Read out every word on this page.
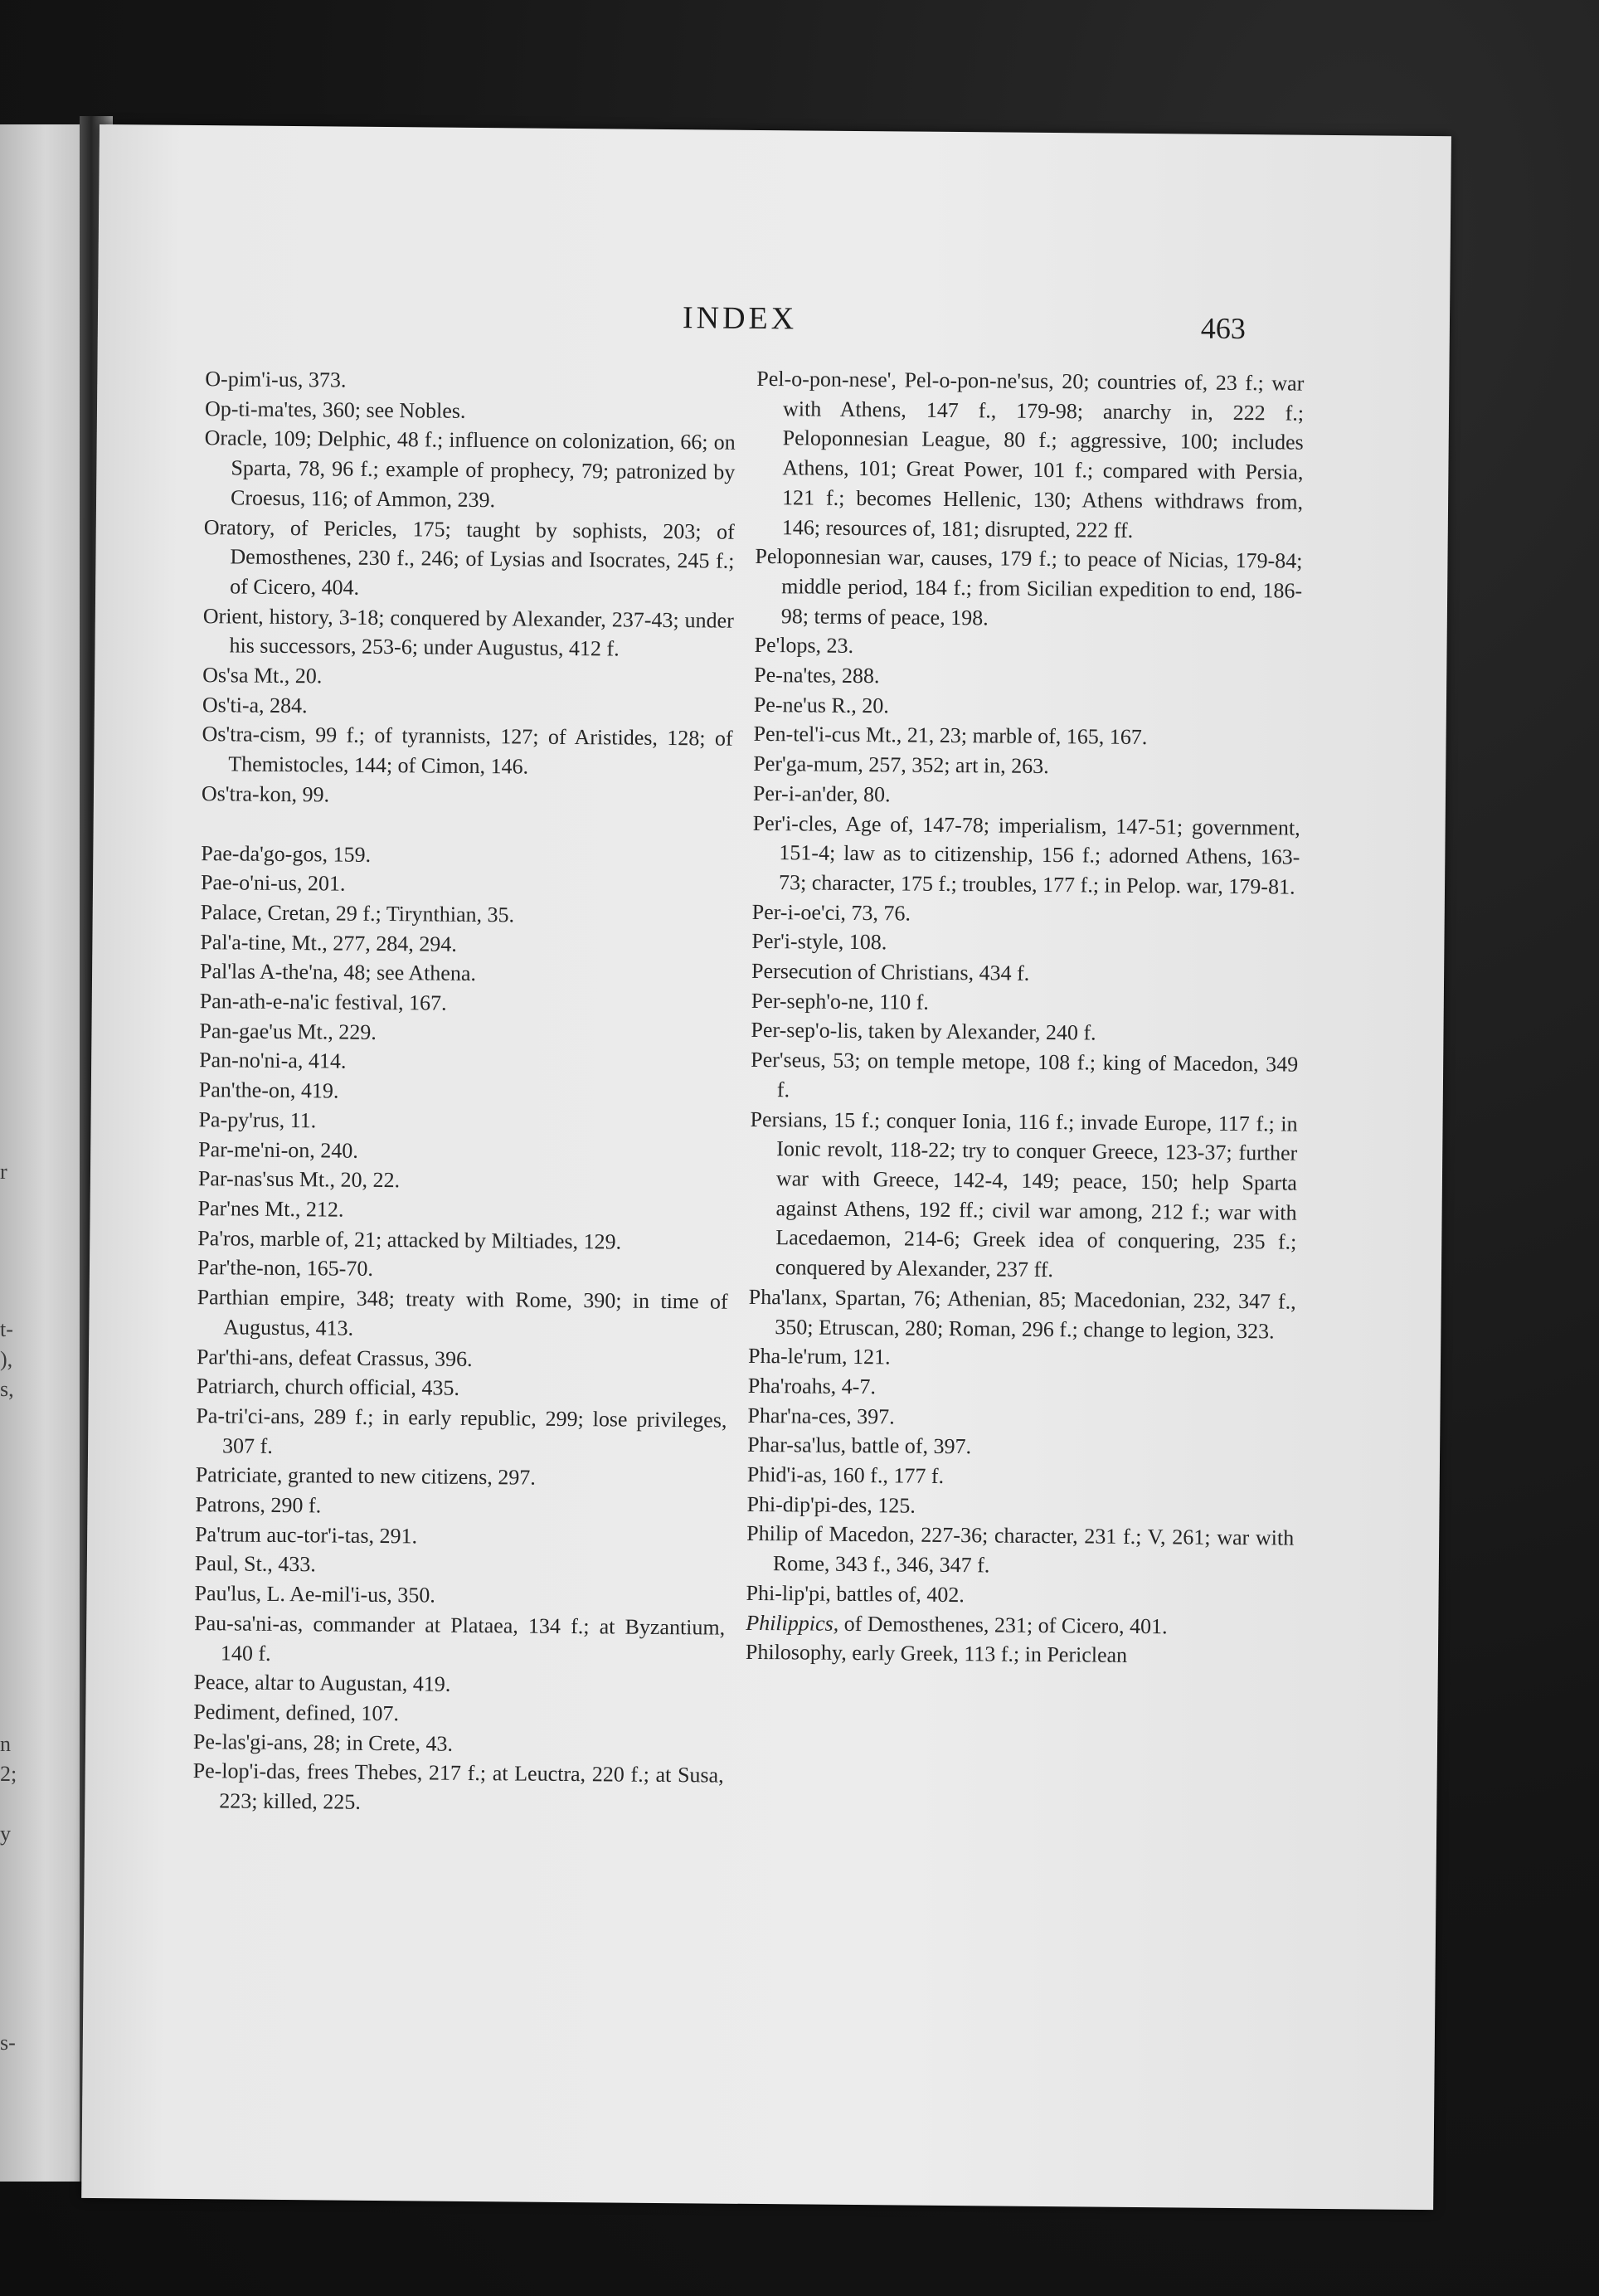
r
t-
),
s,
n
2;
y
s-
INDEX	463

O-pim'i-us, 373.

Op-ti-ma'tes, 360; see Nobles.

Oracle, 109; Delphic, 48 f.; influence on colonization, 66; on Sparta, 78, 96 f.; example of prophecy, 79; patronized by Croesus, 116; of Ammon, 239.

Oratory, of Pericles, 175; taught by sophists, 203; of Demosthenes, 230 f., 246; of Lysias and Isocrates, 245 f.; of Cicero, 404.

Orient, history, 3-18; conquered by Alexander, 237-43; under his successors, 253-6; under Augustus, 412 f.

Os'sa Mt., 20.

Os'ti-a, 284.

Os'tra-cism, 99 f.; of tyrannists, 127; of Aristides, 128; of Themistocles, 144; of Cimon, 146.

Os'tra-kon, 99.

Pae-da'go-gos, 159.

Pae-o'ni-us, 201.

Palace, Cretan, 29 f.; Tirynthian, 35.

Pal'a-tine, Mt., 277, 284, 294.

Pal'las A-the'na, 48; see Athena.

Pan-ath-e-na'ic festival, 167.

Pan-gae'us Mt., 229.

Pan-no'ni-a, 414.

Pan'the-on, 419.

Pa-py'rus, 11.

Par-me'ni-on, 240.

Par-nas'sus Mt., 20, 22.

Par'nes Mt., 212.

Pa'ros, marble of, 21; attacked by Miltiades, 129.

Par'the-non, 165-70.

Parthian empire, 348; treaty with Rome, 390; in time of Augustus, 413.

Par'thi-ans, defeat Crassus, 396.

Patriarch, church official, 435.

Pa-tri'ci-ans, 289 f.; in early republic, 299; lose privileges, 307 f.

Patriciate, granted to new citizens, 297.

Patrons, 290 f.

Pa'trum auc-tor'i-tas, 291.

Paul, St., 433.

Pau'lus, L. Ae-mil'i-us, 350.

Pau-sa'ni-as, commander at Plataea, 134 f.; at Byzantium, 140 f.

Peace, altar to Augustan, 419.

Pediment, defined, 107.

Pe-las'gi-ans, 28; in Crete, 43.

Pe-lop'i-das, frees Thebes, 217 f.; at Leuctra, 220 f.; at Susa, 223; killed, 225.

Pel-o-pon-nese', Pel-o-pon-ne'sus, 20; countries of, 23 f.; war with Athens, 147 f., 179-98; anarchy in, 222 f.; Peloponnesian League, 80 f.; aggressive, 100; includes Athens, 101; Great Power, 101 f.; compared with Persia, 121 f.; becomes Hellenic, 130; Athens withdraws from, 146; resources of, 181; disrupted, 222 ff.

Peloponnesian war, causes, 179 f.; to peace of Nicias, 179-84; middle period, 184 f.; from Sicilian expedition to end, 186-98; terms of peace, 198.

Pe'lops, 23.

Pe-na'tes, 288.

Pe-ne'us R., 20.

Pen-tel'i-cus Mt., 21, 23; marble of, 165, 167.

Per'ga-mum, 257, 352; art in, 263.

Per-i-an'der, 80.

Per'i-cles, Age of, 147-78; imperialism, 147-51; government, 151-4; law as to citizenship, 156 f.; adorned Athens, 163-73; character, 175 f.; troubles, 177 f.; in Pelop. war, 179-81.

Per-i-oe'ci, 73, 76.

Per'i-style, 108.

Persecution of Christians, 434 f.

Per-seph'o-ne, 110 f.

Per-sep'o-lis, taken by Alexander, 240 f.

Per'seus, 53; on temple metope, 108 f.; king of Macedon, 349 f.

Persians, 15 f.; conquer Ionia, 116 f.; invade Europe, 117 f.; in Ionic revolt, 118-22; try to conquer Greece, 123-37; further war with Greece, 142-4, 149; peace, 150; help Sparta against Athens, 192 ff.; civil war among, 212 f.; war with Lacedaemon, 214-6; Greek idea of conquering, 235 f.; conquered by Alexander, 237 ff.

Pha'lanx, Spartan, 76; Athenian, 85; Macedonian, 232, 347 f., 350; Etruscan, 280; Roman, 296 f.; change to legion, 323.

Pha-le'rum, 121.

Pha'roahs, 4-7.

Phar'na-ces, 397.

Phar-sa'lus, battle of, 397.

Phid'i-as, 160 f., 177 f.

Phi-dip'pi-des, 125.

Philip of Macedon, 227-36; character, 231 f.; V, 261; war with Rome, 343 f., 346, 347 f.

Phi-lip'pi, battles of, 402.

Philippics, of Demosthenes, 231; of Cicero, 401.

Philosophy, early Greek, 113 f.; in Periclean
